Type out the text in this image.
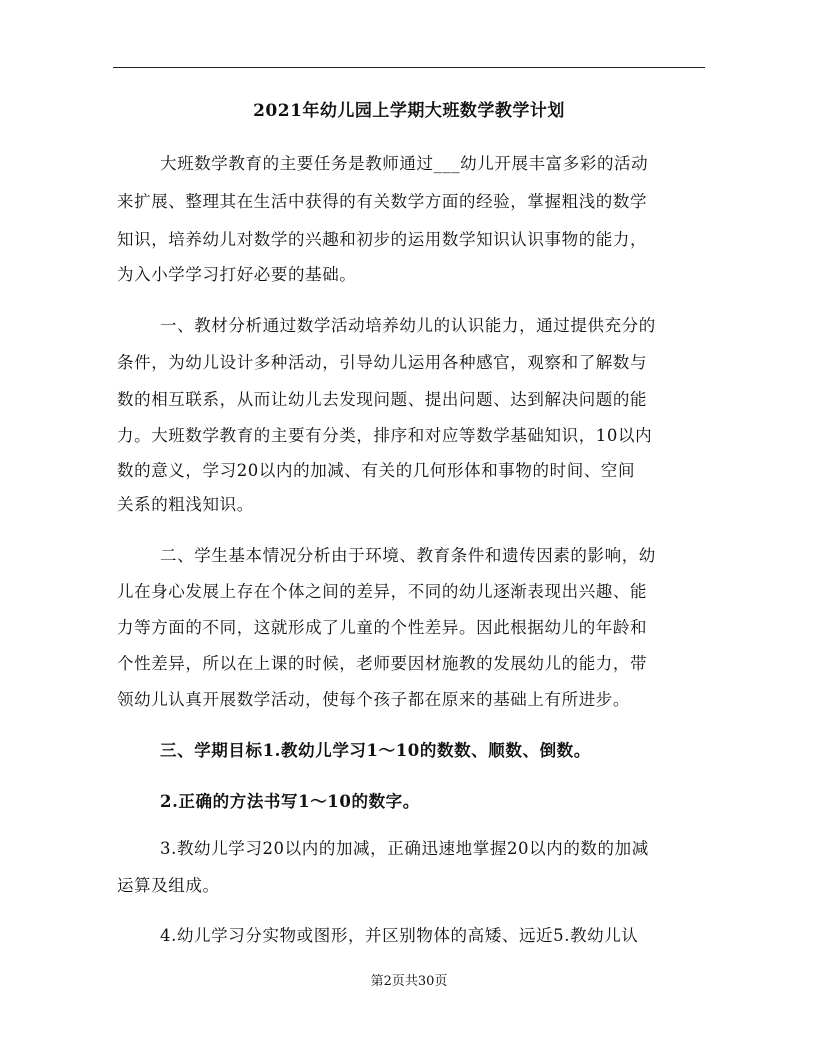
2021年幼儿园上学期大班数学教学计划
大班数学教育的主要任务是教师通过___幼儿开展丰富多彩的活动
来扩展、整理其在生活中获得的有关数学方面的经验，掌握粗浅的数学
知识，培养幼儿对数学的兴趣和初步的运用数学知识认识事物的能力，
为入小学学习打好必要的基础。
一、教材分析通过数学活动培养幼儿的认识能力，通过提供充分的
条件，为幼儿设计多种活动，引导幼儿运用各种感官，观察和了解数与
数的相互联系，从而让幼儿去发现问题、提出问题、达到解决问题的能
力。大班数学教育的主要有分类，排序和对应等数学基础知识，10以内
数的意义，学习20以内的加减、有关的几何形体和事物的时间、空间
关系的粗浅知识。
二、学生基本情况分析由于环境、教育条件和遗传因素的影响，幼
儿在身心发展上存在个体之间的差异，不同的幼儿逐渐表现出兴趣、能
力等方面的不同，这就形成了儿童的个性差异。因此根据幼儿的年龄和
个性差异，所以在上课的时候，老师要因材施教的发展幼儿的能力，带
领幼儿认真开展数学活动，使每个孩子都在原来的基础上有所进步。
三、学期目标1.教幼儿学习1～10的数数、顺数、倒数。
2.正确的方法书写1～10的数字。
3.教幼儿学习20以内的加减，正确迅速地掌握20以内的数的加减
运算及组成。
4.幼儿学习分实物或图形，并区别物体的高矮、远近5.教幼儿认
第2页共30页
